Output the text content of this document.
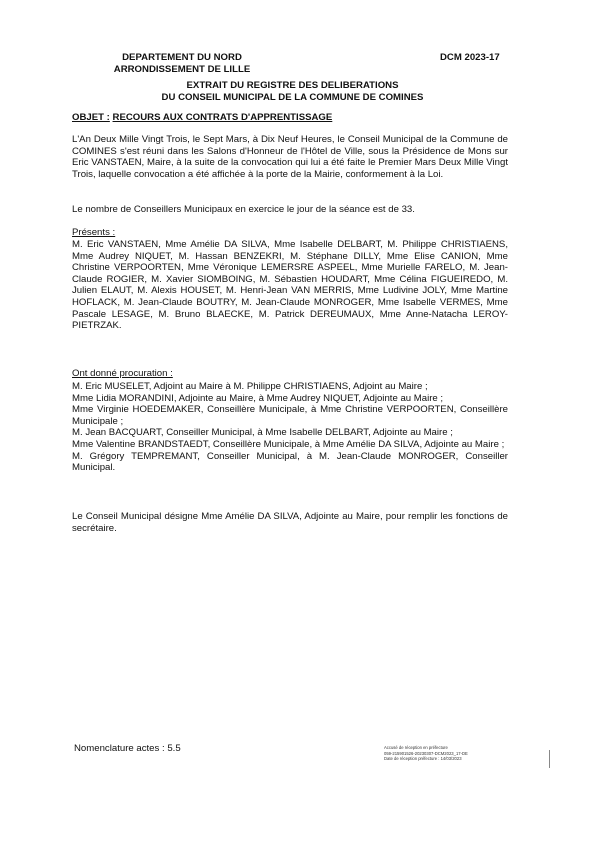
DEPARTEMENT DU NORD
ARRONDISSEMENT DE LILLE
DCM 2023-17
EXTRAIT DU REGISTRE DES DELIBERATIONS
DU CONSEIL MUNICIPAL DE LA COMMUNE DE COMINES
OBJET : RECOURS AUX CONTRATS D'APPRENTISSAGE

L'An Deux Mille Vingt Trois, le Sept Mars, à Dix Neuf Heures, le Conseil Municipal de la Commune de COMINES s'est réuni dans les Salons d'Honneur de l'Hôtel de Ville, sous la Présidence de Mons sur Eric VANSTAEN, Maire, à la suite de la convocation qui lui a été faite le Premier Mars Deux Mille Vingt Trois, laquelle convocation a été affichée à la porte de la Mairie, conformement à la Loi.

Le nombre de Conseillers Municipaux en exercice le jour de la séance est de 33.

Présents :

M. Eric VANSTAEN, Mme Amélie DA SILVA, Mme Isabelle DELBART, M. Philippe CHRISTIAENS, Mme Audrey NIQUET, M. Hassan BENZEKRI, M. Stéphane DILLY, Mme Elise CANION, Mme Christine VERPOORTEN, Mme Véronique LEMERSRE ASPEEL, Mme Murielle FARELO, M. Jean-Claude ROGIER, M. Xavier SIOMBOING, M. Sébastien HOUDART, Mme Célina FIGUEIREDO, M. Julien ELAUT, M. Alexis HOUSET, M. Henri-Jean VAN MERRIS, Mme Ludivine JOLY, Mme Martine HOFLACK, M. Jean-Claude BOUTRY, M. Jean-Claude MONROGER, Mme Isabelle VERMES, Mme Pascale LESAGE, M. Bruno BLAECKE, M. Patrick DEREUMAUX, Mme Anne-Natacha LEROY-PIETRZAK.

Ont donné procuration :

M. Eric MUSELET, Adjoint au Maire à M. Philippe CHRISTIAENS, Adjoint au Maire ;

Mme Lidia MORANDINI, Adjointe au Maire, à Mme Audrey NIQUET, Adjointe au Maire ;

Mme Virginie HOEDEMAKER, Conseillère Municipale, à Mme Christine VERPOORTEN, Conseillère Municipale ;

M. Jean BACQUART, Conseiller Municipal, à Mme Isabelle DELBART, Adjointe au Maire ;

Mme Valentine BRANDSTAEDT, Conseillère Municipale, à Mme Amélie DA SILVA, Adjointe au Maire ;

M. Grégory TEMPREMANT, Conseiller Municipal, à M. Jean-Claude MONROGER, Conseiller Municipal.

Le Conseil Municipal désigne Mme Amélie DA SILVA, Adjointe au Maire, pour remplir les fonctions de secrétaire.

Nomenclature actes : 5.5	Accusé de réception en préfecture
059-215901526-20230307-DCM2023_17-DE
Date de réception préfecture : 14/03/2023
